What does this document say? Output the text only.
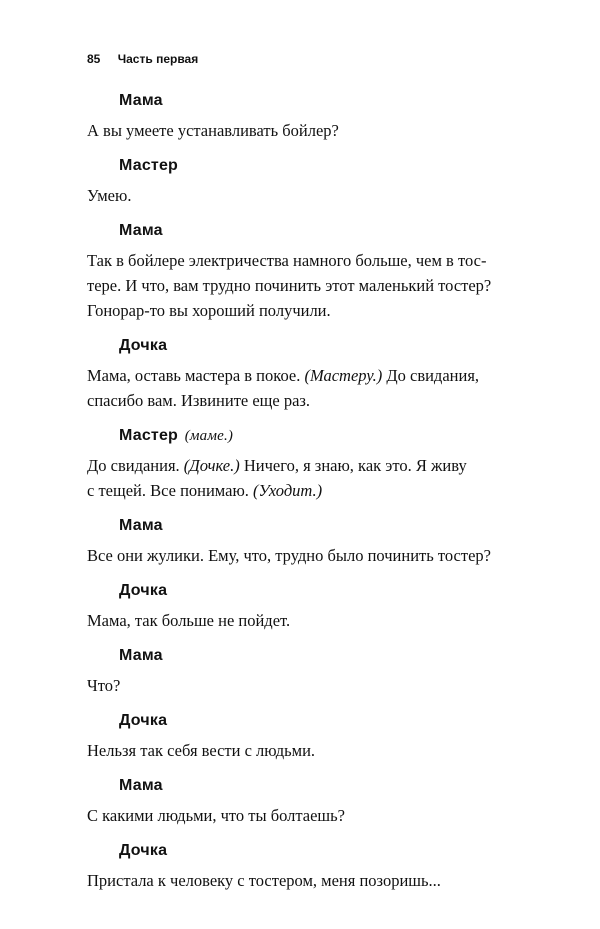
85 Часть первая
Мама
А вы умеете устанавливать бойлер?
Мастер
Умею.
Мама
Так в бойлере электричества намного больше, чем в тос-
тере. И что, вам трудно починить этот маленький тостер?
Гонорар-то вы хороший получили.
Дочка
Мама, оставь мастера в покое. (Мастеру.) До свидания,
спасибо вам. Извините еще раз.
Мастер (маме.)
До свидания. (Дочке.) Ничего, я знаю, как это. Я живу
с тещей. Все понимаю. (Уходит.)
Мама
Все они жулики. Ему, что, трудно было починить тостер?
Дочка
Мама, так больше не пойдет.
Мама
Что?
Дочка
Нельзя так себя вести с людьми.
Мама
С какими людьми, что ты болтаешь?
Дочка
Пристала к человеку с тостером, меня позоришь...
